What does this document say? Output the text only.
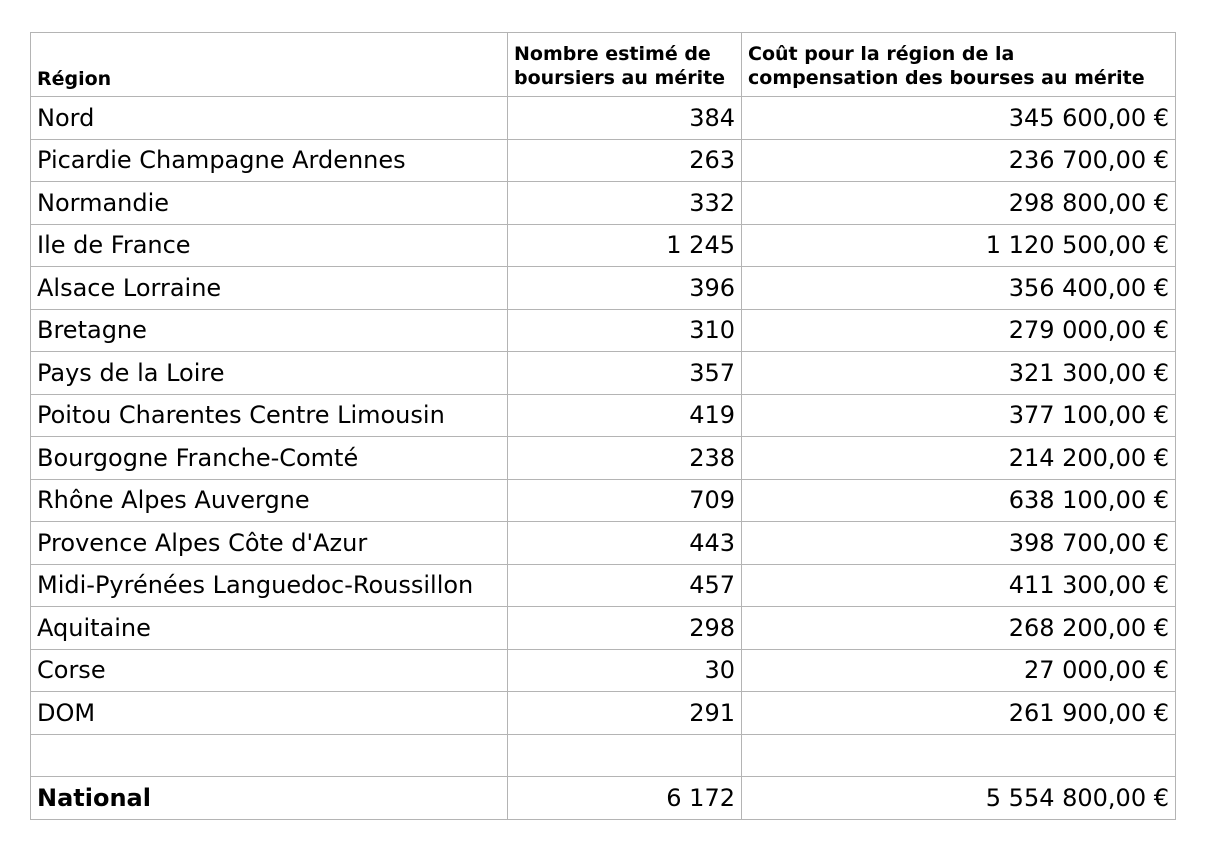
Région	Nombre estimé de boursiers au mérite	Coût pour la région de la compensation des bourses au mérite
Nord	384	345 600,00 €
Picardie Champagne Ardennes	263	236 700,00 €
Normandie	332	298 800,00 €
Ile de France	1 245	1 120 500,00 €
Alsace Lorraine	396	356 400,00 €
Bretagne	310	279 000,00 €
Pays de la Loire	357	321 300,00 €
Poitou Charentes Centre Limousin	419	377 100,00 €
Bourgogne Franche-Comté	238	214 200,00 €
Rhône Alpes Auvergne	709	638 100,00 €
Provence Alpes Côte d'Azur	443	398 700,00 €
Midi-Pyrénées Languedoc-Roussillon	457	411 300,00 €
Aquitaine	298	268 200,00 €
Corse	30	27 000,00 €
DOM	291	261 900,00 €

National	6 172	5 554 800,00 €
